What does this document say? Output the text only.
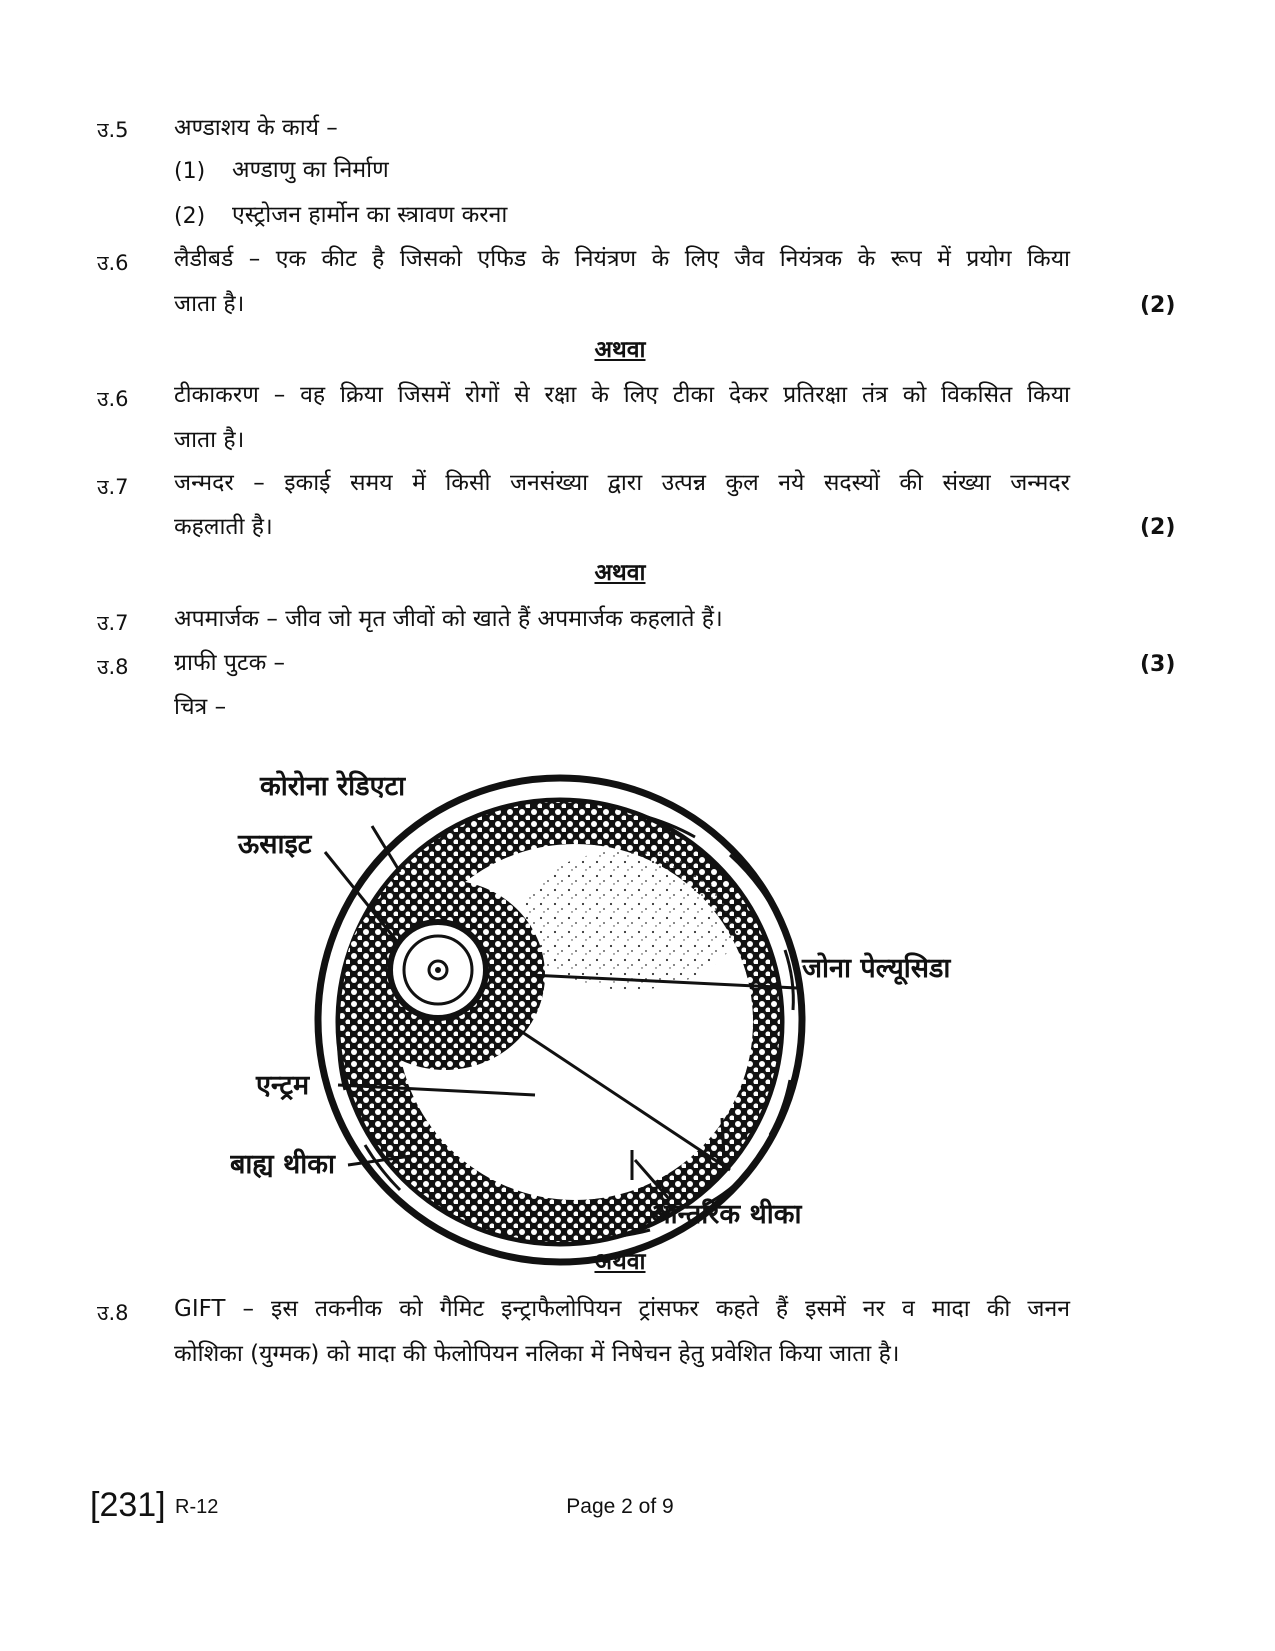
उ.5 अण्डाशय के कार्य –
(1) अण्डाणु का निर्माण
(2) एस्ट्रोजन हार्मोन का स्त्रावण करना
उ.6 लैडीबर्ड – एक कीट है जिसको एफिड के नियंत्रण के लिए जैव नियंत्रक के रूप में प्रयोग किया
जाता है।	(2)
अथवा
उ.6 टीकाकरण – वह क्रिया जिसमें रोगों से रक्षा के लिए टीका देकर प्रतिरक्षा तंत्र को विकसित किया
जाता है।
उ.7 जन्मदर – इकाई समय में किसी जनसंख्या द्वारा उत्पन्न कुल नये सदस्यों की संख्या जन्मदर
कहलाती है।	(2)
अथवा
उ.7 अपमार्जक – जीव जो मृत जीवों को खाते हैं अपमार्जक कहलाते हैं।
उ.8 ग्राफी पुटक –	(3)
चित्र –
कोरोना रेडिएटा
ऊसाइट
जोना पेल्यूसिडा
एन्ट्रम
बाह्य थीका
आन्तरिक थीका
अथवा
उ.8 GIFT – इस तकनीक को गैमिट इन्ट्राफैलोपियन ट्रांसफर कहते हैं इसमें नर व मादा की जनन
कोशिका (युग्मक) को मादा की फेलोपियन नलिका में निषेचन हेतु प्रवेशित किया जाता है।
[231] R-12	Page 2 of 9
